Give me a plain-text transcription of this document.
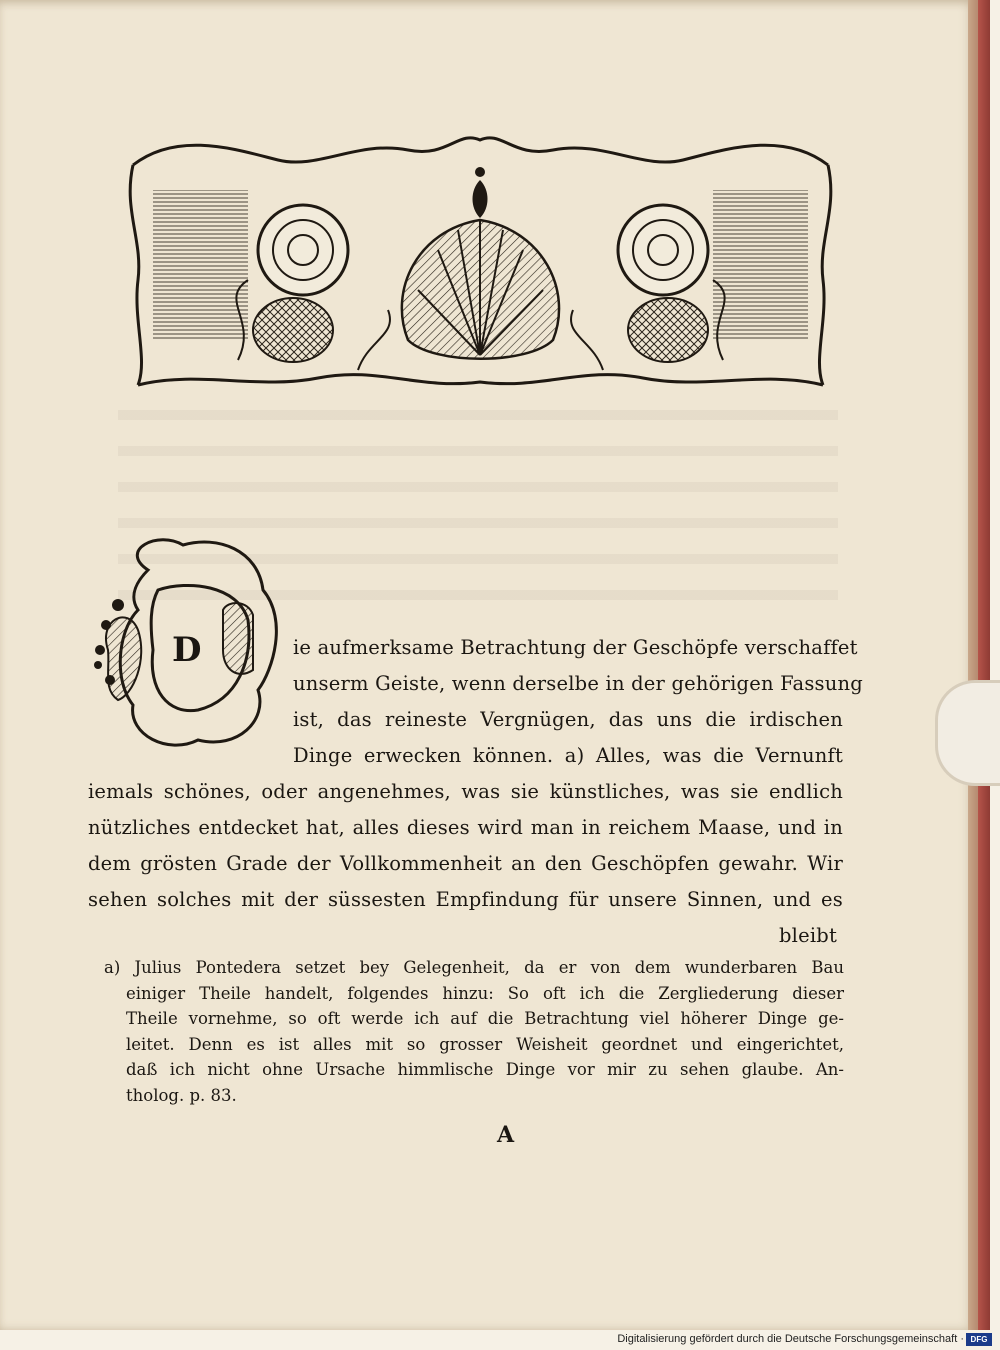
D	ie aufmerksame Betrachtung der Geschöpfe verschaffet
unserm Geiste, wenn derselbe in der gehörigen Fassung
ist, das reineste Vergnügen, das uns die irdischen
Dinge erwecken können. a) Alles, was die Vernunft
iemals schönes, oder angenehmes, was sie künstliches, was sie endlich
nützliches entdecket hat, alles dieses wird man in reichem Maase, und in
dem grösten Grade der Vollkommenheit an den Geschöpfen gewahr. Wir
sehen solches mit der süssesten Empfindung für unsere Sinnen, und es
bleibt
a) Julius Pontedera setzet bey Gelegenheit, da er von dem wunderbaren Bau
einiger Theile handelt, folgendes hinzu: So oft ich die Zergliederung dieser
Theile vornehme, so oft werde ich auf die Betrachtung viel höherer Dinge ge-
leitet. Denn es ist alles mit so grosser Weisheit geordnet und eingerichtet,
daß ich nicht ohne Ursache himmlische Dinge vor mir zu sehen glaube. An-
tholog. p. 83.
A
Digitalisierung gefördert durch die Deutsche Forschungsgemeinschaft · DFG
